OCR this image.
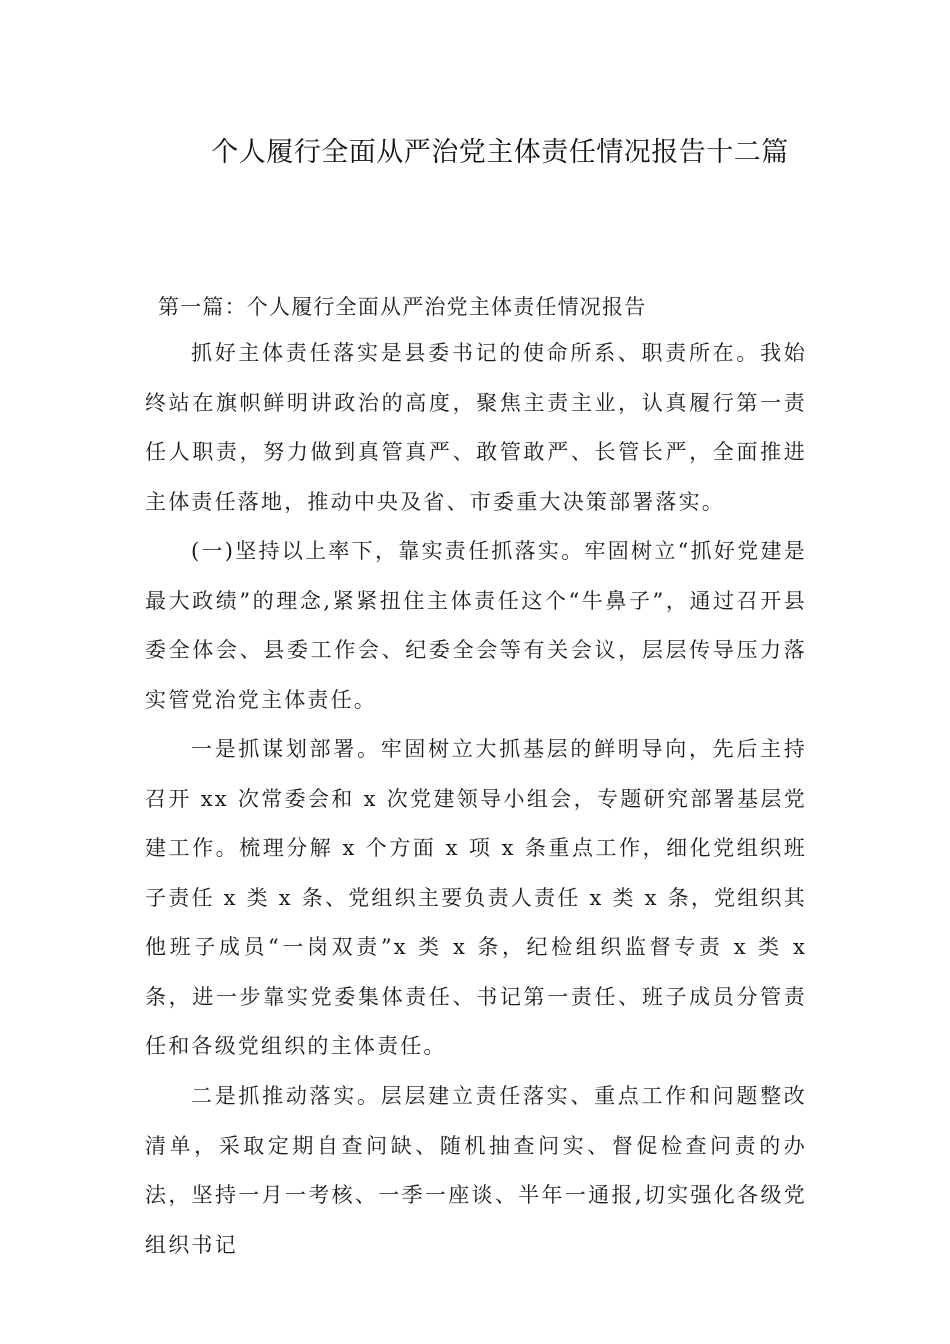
个人履行全面从严治党主体责任情况报告十二篇

第一篇：个人履行全面从严治党主体责任情况报告

抓好主体责任落实是县委书记的使命所系、职责所在。我始终站在旗帜鲜明讲政治的高度，聚焦主责主业，认真履行第一责任人职责，努力做到真管真严、敢管敢严、长管长严，全面推进主体责任落地，推动中央及省、市委重大决策部署落实。

(一)坚持以上率下，靠实责任抓落实。牢固树立“抓好党建是最大政绩”的理念,紧紧扭住主体责任这个“牛鼻子”，通过召开县委全体会、县委工作会、纪委全会等有关会议，层层传导压力落实管党治党主体责任。

一是抓谋划部署。牢固树立大抓基层的鲜明导向，先后主持召开 xx 次常委会和 x 次党建领导小组会，专题研究部署基层党建工作。梳理分解 x 个方面 x 项 x 条重点工作，细化党组织班子责任 x 类 x 条、党组织主要负责人责任 x 类 x 条，党组织其他班子成员“一岗双责”x 类 x 条，纪检组织监督专责 x 类 x 条，进一步靠实党委集体责任、书记第一责任、班子成员分管责任和各级党组织的主体责任。

二是抓推动落实。层层建立责任落实、重点工作和问题整改清单，采取定期自查问缺、随机抽查问实、督促检查问责的办法，坚持一月一考核、一季一座谈、半年一通报,切实强化各级党组织书记
